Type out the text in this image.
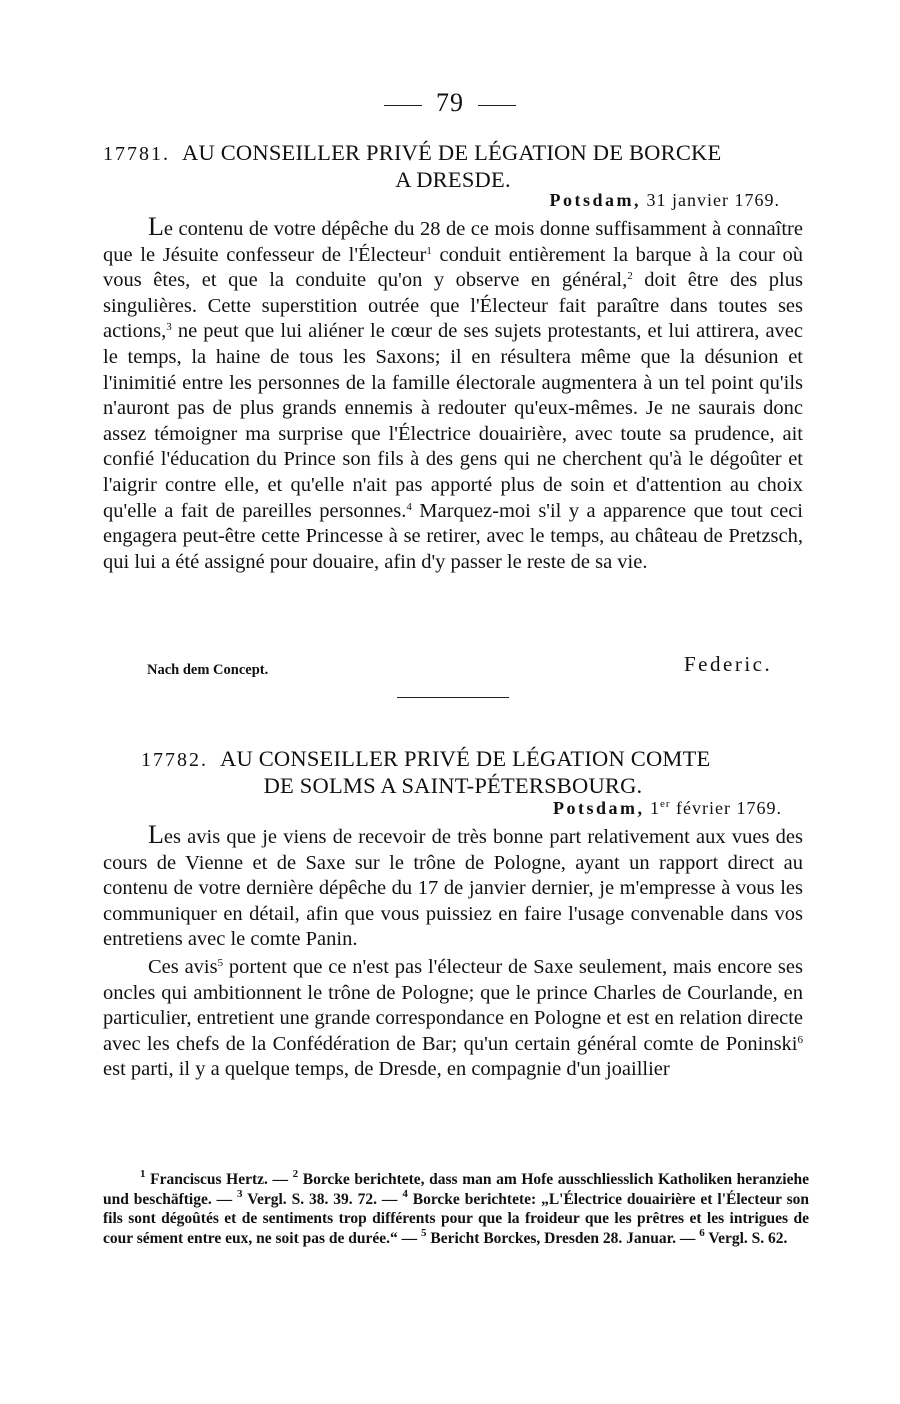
79
17781. AU CONSEILLER PRIVÉ DE LÉGATION DE BORCKE
A DRESDE.
Potsdam, 31 janvier 1769.

Le contenu de votre dépêche du 28 de ce mois donne suffisamment à connaître que le Jésuite confesseur de l'Électeur$^1$ conduit entièrement la barque à la cour où vous êtes, et que la conduite qu'on y observe en général,$^2$ doit être des plus singulières. Cette superstition outrée que l'Électeur fait paraître dans toutes ses actions,$^3$ ne peut que lui aliéner le cœur de ses sujets protestants, et lui attirera, avec le temps, la haine de tous les Saxons; il en résultera même que la désunion et l'inimitié entre les personnes de la famille électorale augmentera à un tel point qu'ils n'auront pas de plus grands ennemis à redouter qu'eux-mêmes. Je ne saurais donc assez témoigner ma surprise que l'Électrice douairière, avec toute sa prudence, ait confié l'éducation du Prince son fils à des gens qui ne cherchent qu'à le dégoûter et l'aigrir contre elle, et qu'elle n'ait pas apporté plus de soin et d'attention au choix qu'elle a fait de pareilles personnes.$^4$ Marquez-moi s'il y a apparence que tout ceci engagera peut-être cette Princesse à se retirer, avec le temps, au château de Pretzsch, qui lui a été assigné pour douaire, afin d'y passer le reste de sa vie.

Nach dem Concept.	Federic.
17782. AU CONSEILLER PRIVÉ DE LÉGATION COMTE
DE SOLMS A SAINT-PÉTERSBOURG.
Potsdam, 1er février 1769.

Les avis que je viens de recevoir de très bonne part relativement aux vues des cours de Vienne et de Saxe sur le trône de Pologne, ayant un rapport direct au contenu de votre dernière dépêche du 17 de janvier dernier, je m'empresse à vous les communiquer en détail, afin que vous puissiez en faire l'usage convenable dans vos entretiens avec le comte Panin.

Ces avis$^5$ portent que ce n'est pas l'électeur de Saxe seulement, mais encore ses oncles qui ambitionnent le trône de Pologne; que le prince Charles de Courlande, en particulier, entretient une grande correspondance en Pologne et est en relation directe avec les chefs de la Confédération de Bar; qu'un certain général comte de Poninski$^6$ est parti, il y a quelque temps, de Dresde, en compagnie d'un joaillier

$^1$ Franciscus Hertz. — $^2$ Borcke berichtete, dass man am Hofe ausschliesslich Katholiken heranziehe und beschäftige. — $^3$ Vergl. S. 38. 39. 72. — $^4$ Borcke berichtete: „L'Électrice douairière et l'Électeur son fils sont dégoûtés et de sentiments trop différents pour que la froideur que les prêtres et les intrigues de cour sément entre eux, ne soit pas de durée.“ — $^5$ Bericht Borckes, Dresden 28. Januar. — $^6$ Vergl. S. 62.
